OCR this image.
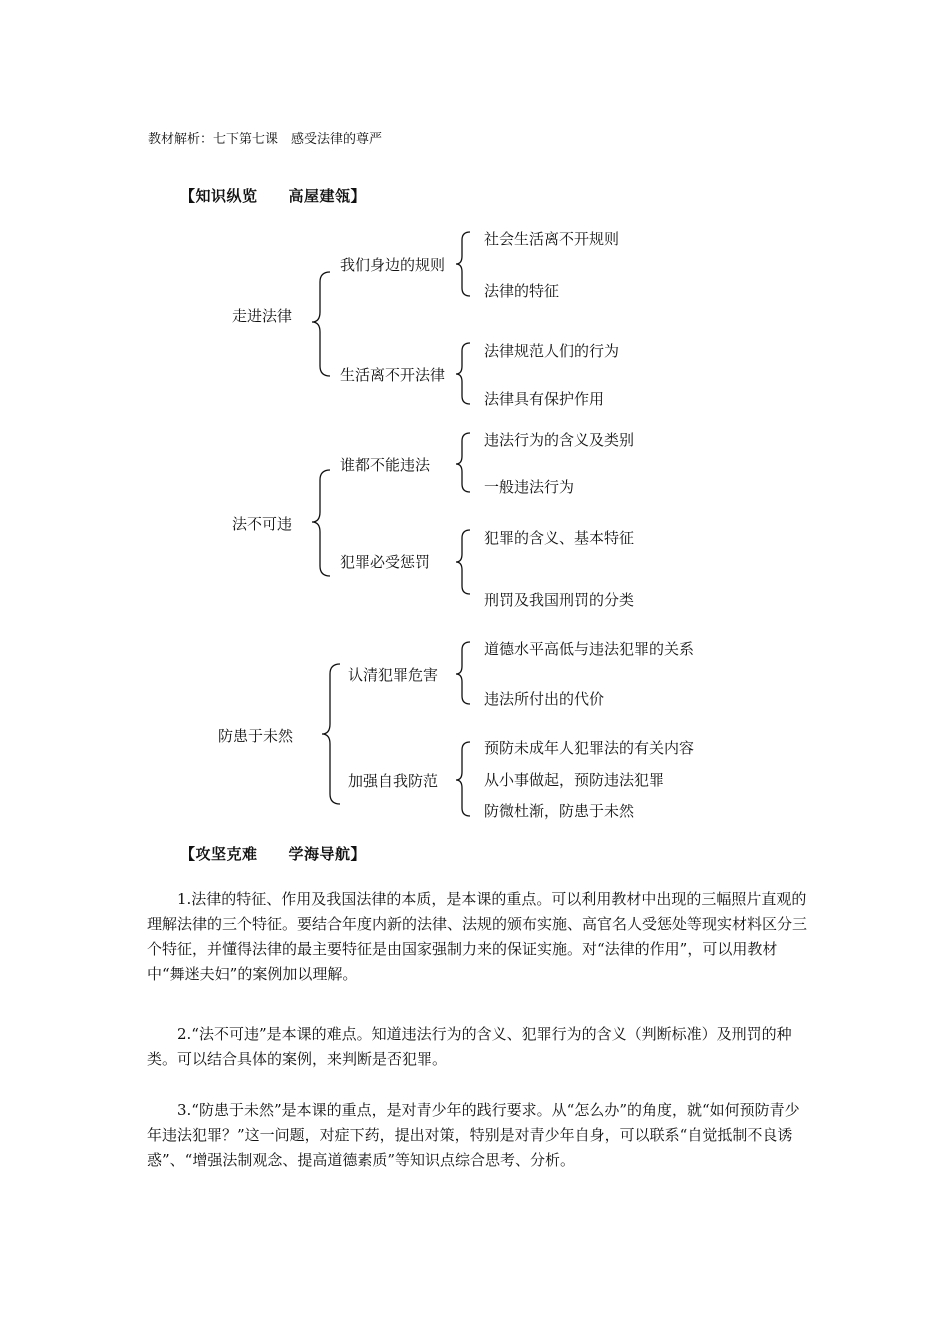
教材解析：七下第七课　感受法律的尊严
【知识纵览　　高屋建瓴】
走进法律
法不可违
防患于未然
我们身边的规则
生活离不开法律
谁都不能违法
犯罪必受惩罚
认清犯罪危害
加强自我防范
社会生活离不开规则
法律的特征
法律规范人们的行为
法律具有保护作用
违法行为的含义及类别
一般违法行为
犯罪的含义、基本特征
刑罚及我国刑罚的分类
道德水平高低与违法犯罪的关系
违法所付出的代价
预防未成年人犯罪法的有关内容
从小事做起，预防违法犯罪
防微杜渐，防患于未然
【攻坚克难　　学海导航】

1.法律的特征、作用及我国法律的本质，是本课的重点。可以利用教材中出现的三幅照片直观的理解法律的三个特征。要结合年度内新的法律、法规的颁布实施、高官名人受惩处等现实材料区分三个特征，并懂得法律的最主要特征是由国家强制力来的保证实施。对“法律的作用”，可以用教材中“舞迷夫妇”的案例加以理解。

2.“法不可违”是本课的难点。知道违法行为的含义、犯罪行为的含义（判断标准）及刑罚的种类。可以结合具体的案例，来判断是否犯罪。

3.“防患于未然”是本课的重点，是对青少年的践行要求。从“怎么办”的角度，就“如何预防青少年违法犯罪？”这一问题，对症下药，提出对策，特别是对青少年自身，可以联系“自觉抵制不良诱惑”、“增强法制观念、提高道德素质”等知识点综合思考、分析。
